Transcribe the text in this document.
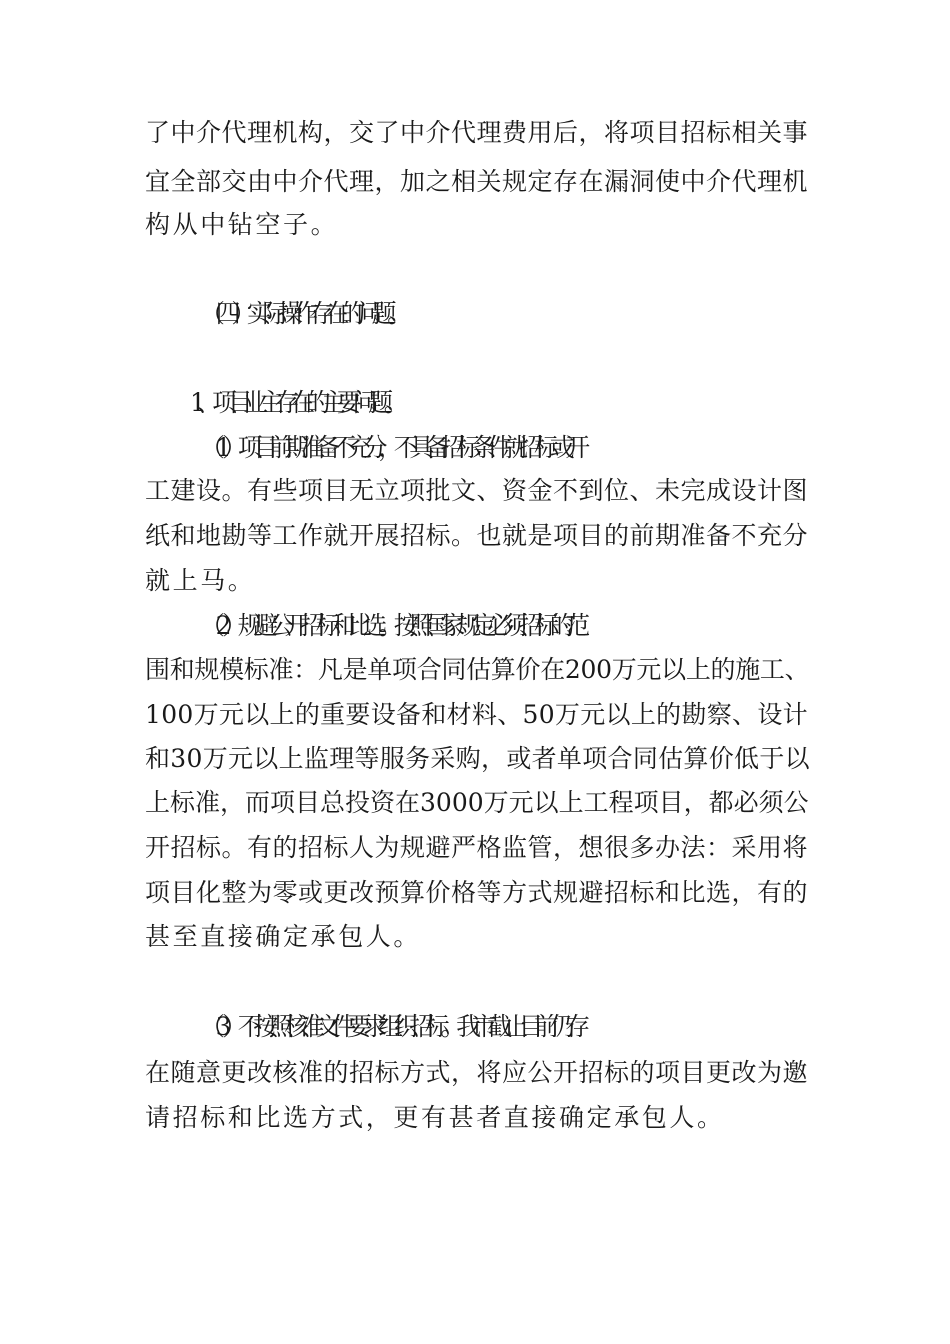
了中介代理机构，交了中介代理费用后，将项目招标相关事
宜全部交由中介代理，加之相关规定存在漏洞使中介代理机
构从中钻空子。
（四）实际操作存在的问题。
1、项目业主存在的主要问题。
（1）项目前期准备不充分，不具备招标条件就招标或开
工建设。有些项目无立项批文、资金不到位、未完成设计图
纸和地勘等工作就开展招标。也就是项目的前期准备不充分
就上马。
（2）规避公开招标和比选。按照国家规定必须招标的范
围和规模标准：凡是单项合同估算价在200万元以上的施工、
100万元以上的重要设备和材料、50万元以上的勘察、设计
和30万元以上监理等服务采购，或者单项合同估算价低于以
上标准，而项目总投资在3000万元以上工程项目，都必须公
开招标。有的招标人为规避严格监管，想很多办法：采用将
项目化整为零或更改预算价格等方式规避招标和比选，有的
甚至直接确定承包人。
（3）不按照核准文件要求组织招标。我市截止目前仍存
在随意更改核准的招标方式，将应公开招标的项目更改为邀
请招标和比选方式，更有甚者直接确定承包人。
